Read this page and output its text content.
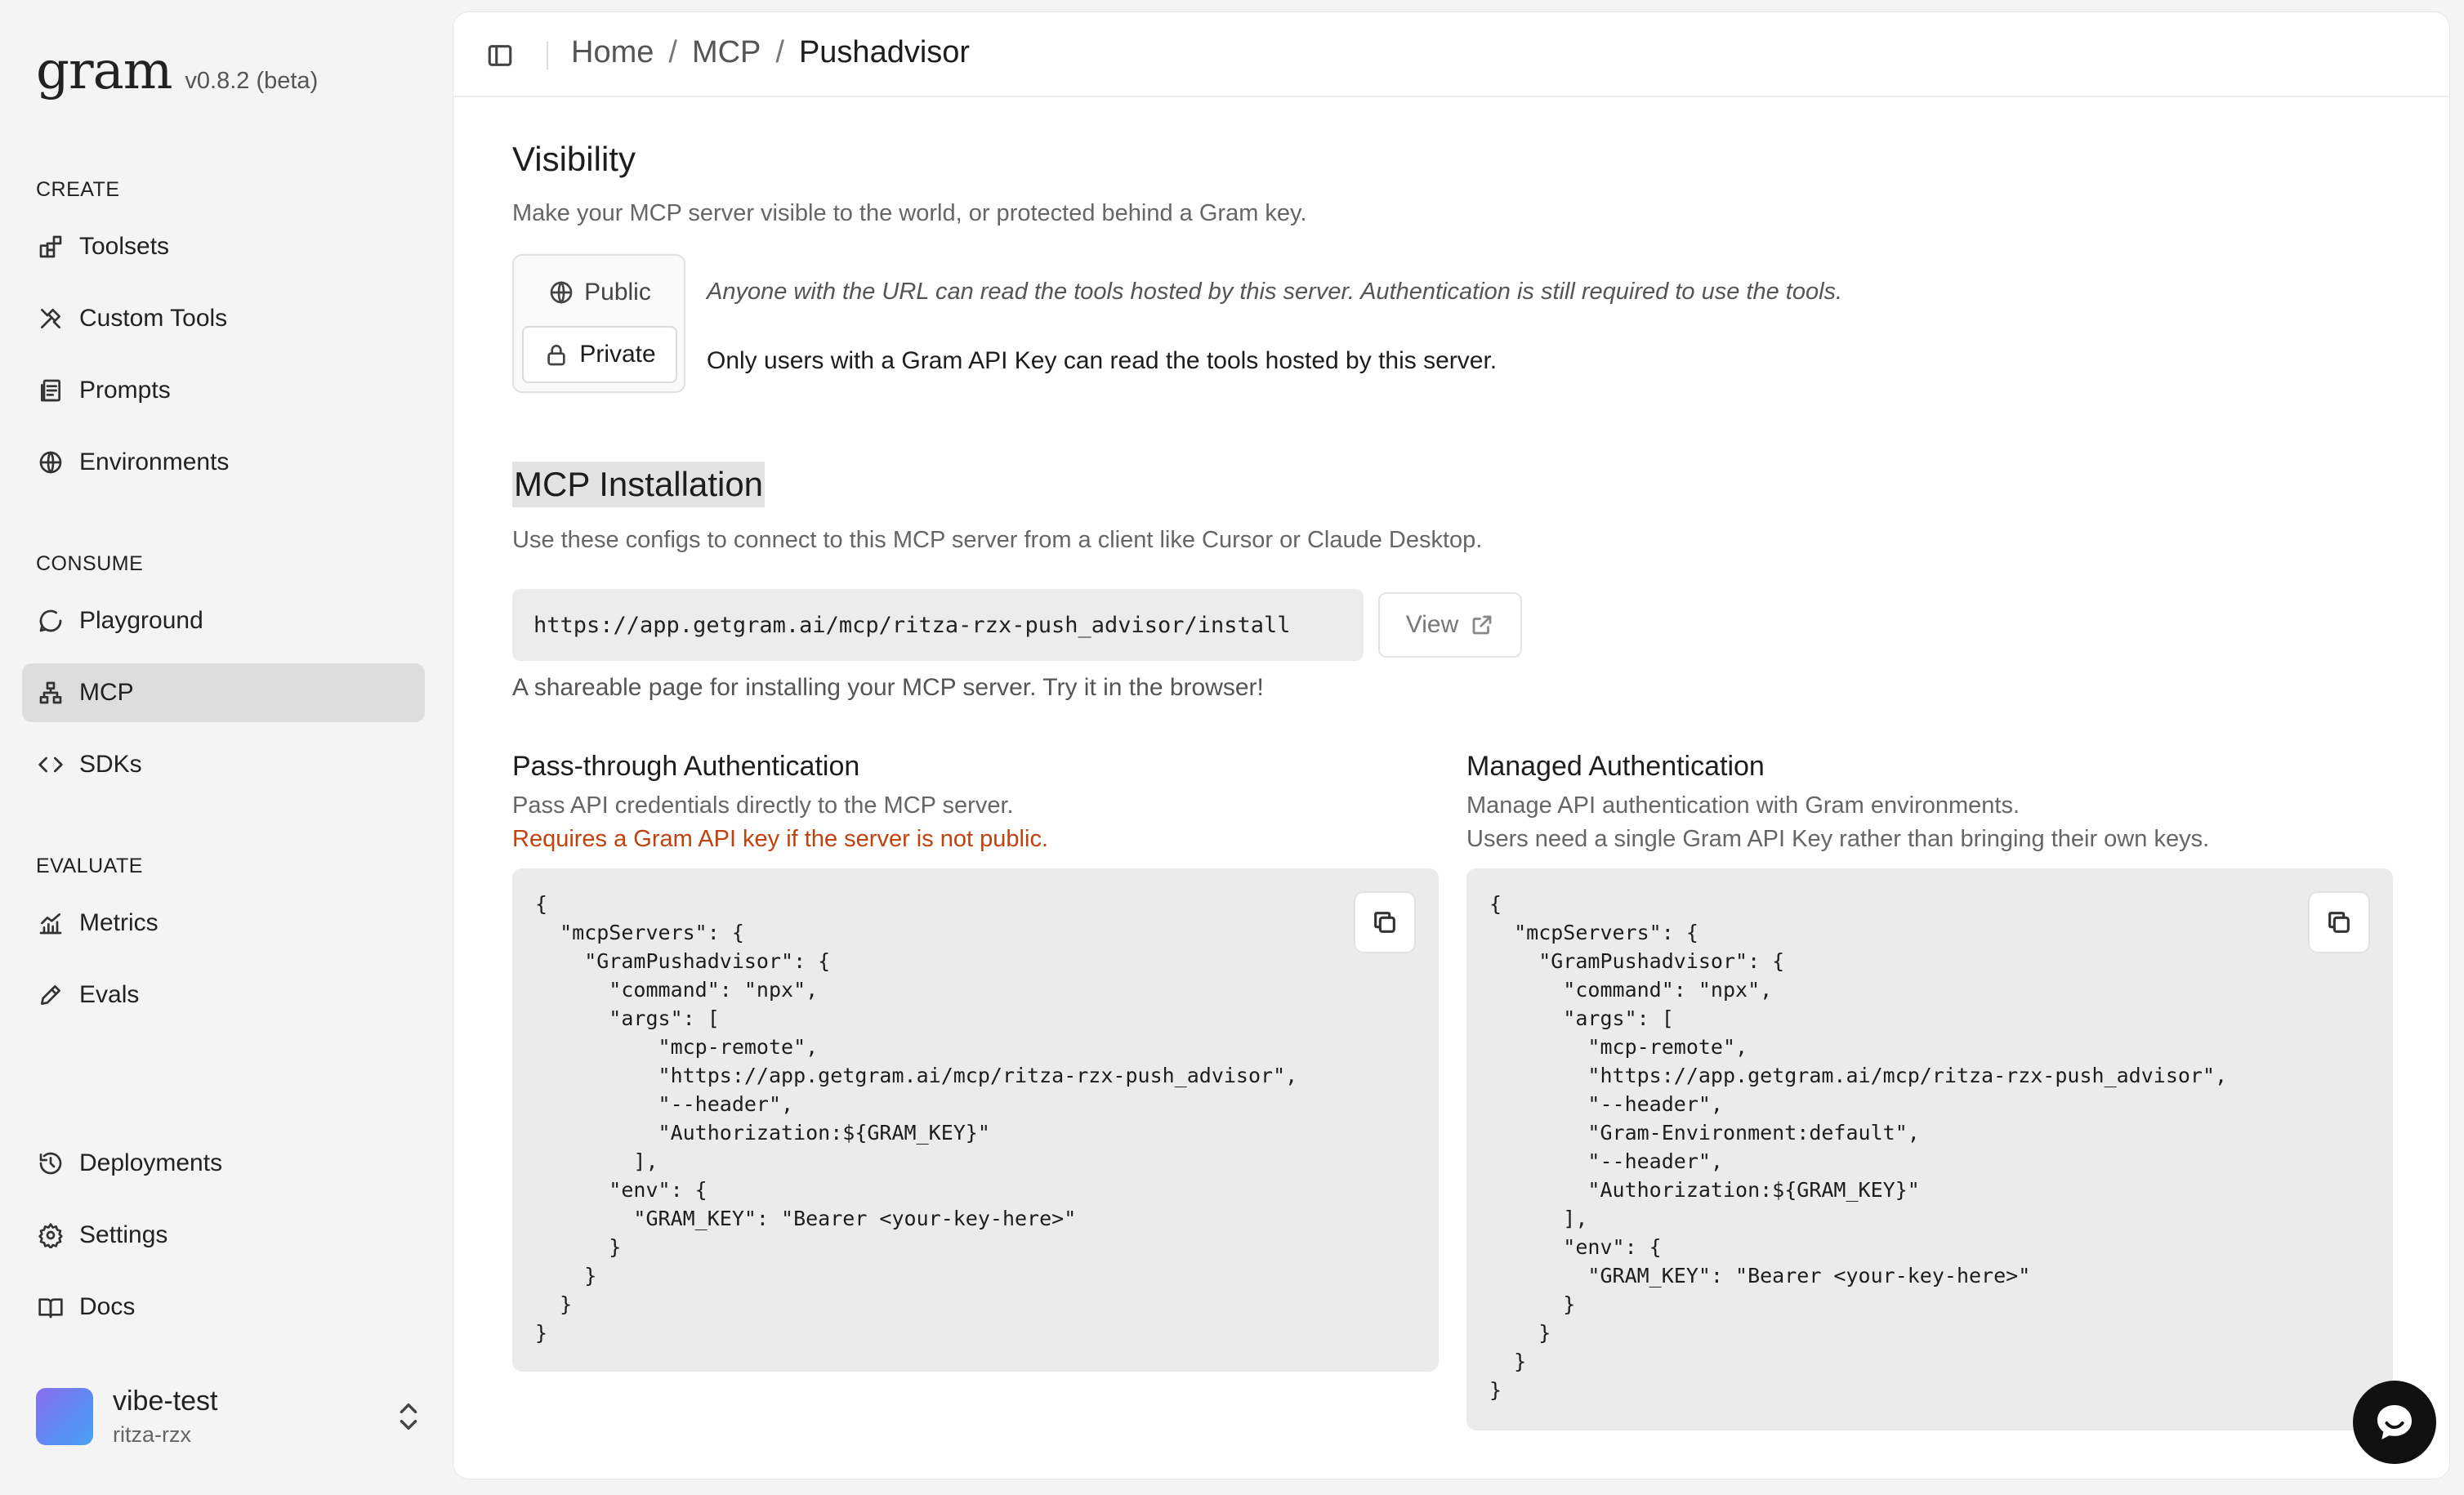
gram v0.8.2 (beta)
CREATE
Toolsets
Custom Tools
Prompts
Environments
CONSUME
Playground
MCP
SDKs
EVALUATE
Metrics
Evals
Deployments
Settings
Docs
vibe-test
ritza-rzx
Home / MCP / Pushadvisor
Visibility

Make your MCP server visible to the world, or protected behind a Gram key.

Public
Private

Anyone with the URL can read the tools hosted by this server. Authentication is still required to use the tools.

Only users with a Gram API Key can read the tools hosted by this server.

MCP Installation

Use these configs to connect to this MCP server from a client like Cursor or Claude Desktop.

https://app.getgram.ai/mcp/ritza-rzx-push_advisor/install	View

A shareable page for installing your MCP server. Try it in the browser!

Pass-through Authentication
Pass API credentials directly to the MCP server.
Requires a Gram API key if the server is not public.
{
"mcpServers": {
"GramPushadvisor": {
"command": "npx",
"args": [
"mcp-remote",
"https://app.getgram.ai/mcp/ritza-rzx-push_advisor",
"--header",
"Authorization:${GRAM_KEY}"
],
"env": {
"GRAM_KEY": "Bearer <your-key-here>"
}
}
}
}
Managed Authentication
Manage API authentication with Gram environments.
Users need a single Gram API Key rather than bringing their own keys.
{
"mcpServers": {
"GramPushadvisor": {
"command": "npx",
"args": [
"mcp-remote",
"https://app.getgram.ai/mcp/ritza-rzx-push_advisor",
"--header",
"Gram-Environment:default",
"--header",
"Authorization:${GRAM_KEY}"
],
"env": {
"GRAM_KEY": "Bearer <your-key-here>"
}
}
}
}
